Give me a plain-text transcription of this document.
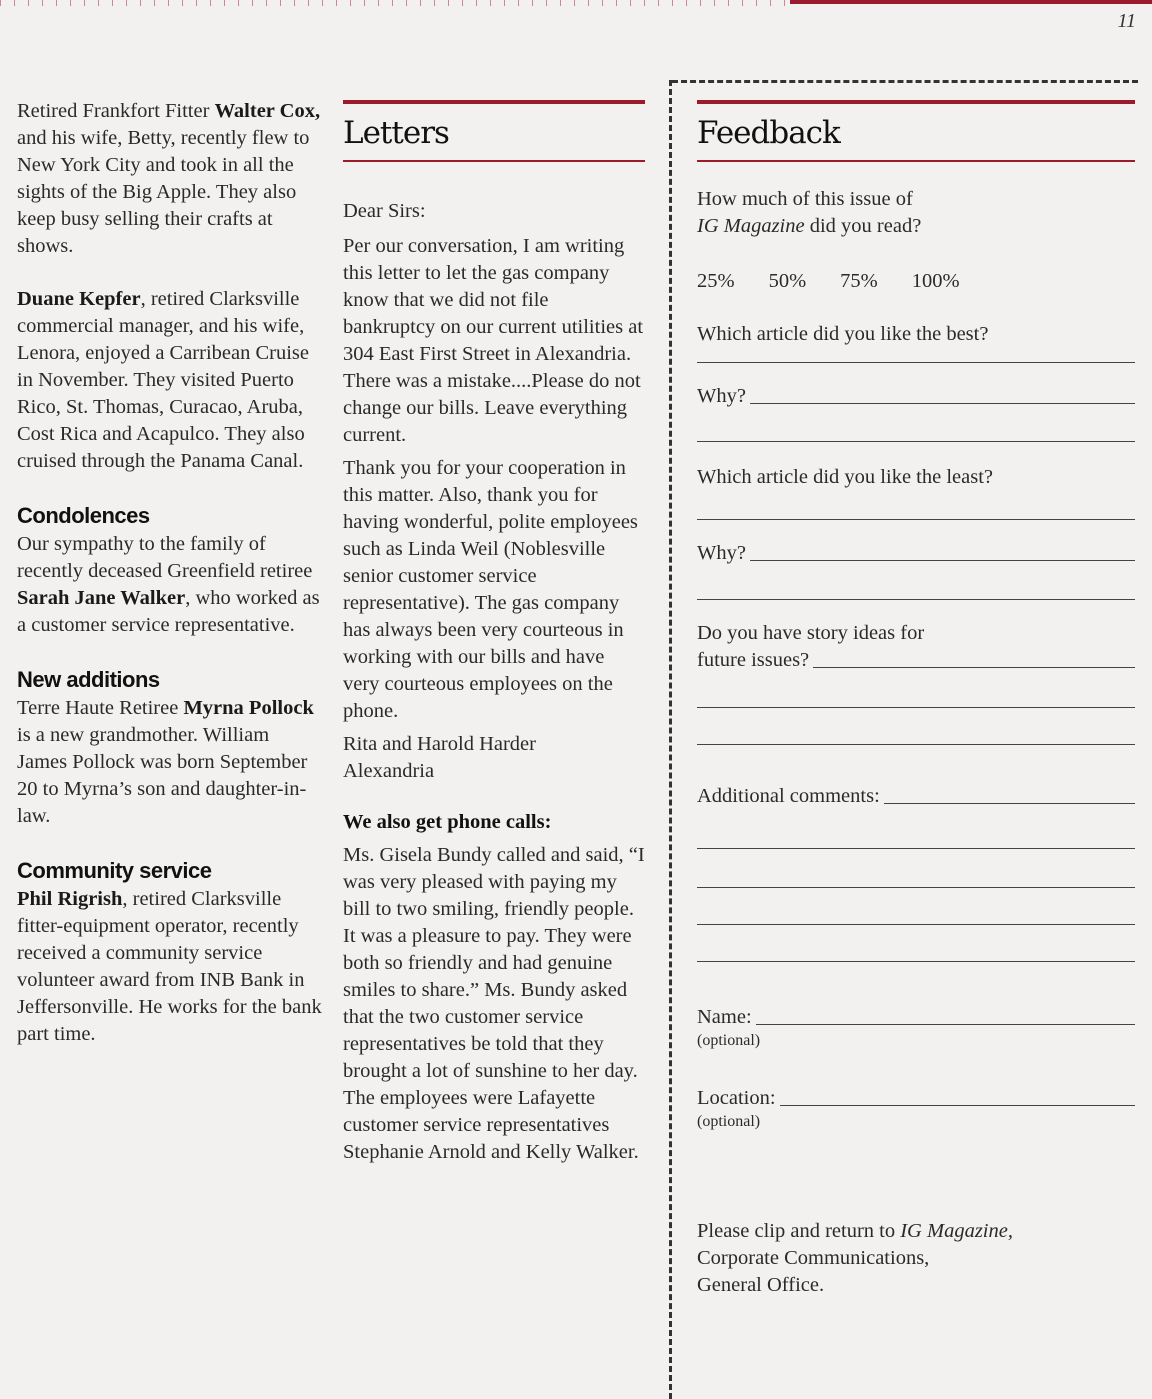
11

Retired Frankfort Fitter Walter Cox, and his wife, Betty, recently flew to New York City and took in all the sights of the Big Apple. They also keep busy selling their crafts at shows.

Duane Kepfer, retired Clarksville commercial manager, and his wife, Lenora, enjoyed a Carribean Cruise in November. They visited Puerto Rico, St. Thomas, Curacao, Aruba, Cost Rica and Acapulco. They also cruised through the Panama Canal.

Condolences

Our sympathy to the family of recently deceased Greenfield retiree Sarah Jane Walker, who worked as a customer service representative.

New additions

Terre Haute Retiree Myrna Pollock is a new grandmother. William James Pollock was born September 20 to Myrna’s son and daughter-in-law.

Community service

Phil Rigrish, retired Clarksville fitter-equipment operator, recently received a community service volunteer award from INB Bank in Jeffersonville. He works for the bank part time.

Letters

Dear Sirs:

Per our conversation, I am writing this letter to let the gas company know that we did not file bankruptcy on our current utilities at 304 East First Street in Alexandria. There was a mistake....Please do not change our bills. Leave everything current.

Thank you for your cooperation in this matter. Also, thank you for having wonderful, polite employees such as Linda Weil (Noblesville senior customer service representative). The gas company has always been very courteous in working with our bills and have very courteous employees on the phone.

Rita and Harold Harder

Alexandria

We also get phone calls:

Ms. Gisela Bundy called and said, “I was very pleased with paying my bill to two smiling, friendly people. It was a pleasure to pay. They were both so friendly and had genuine smiles to share.” Ms. Bundy asked that the two customer service representatives be told that they brought a lot of sunshine to her day. The employees were Lafayette customer service representatives Stephanie Arnold and Kelly Walker.

Feedback

How much of this issue of
IG Magazine did you read?

25% 50% 75% 100%

Which article did you like the best?

Why?

Which article did you like the least?

Why?

Do you have story ideas for

future issues?
Additional comments:
Name:
(optional)
Location:
(optional)

Please clip and return to IG Magazine,
Corporate Communications,
General Office.
